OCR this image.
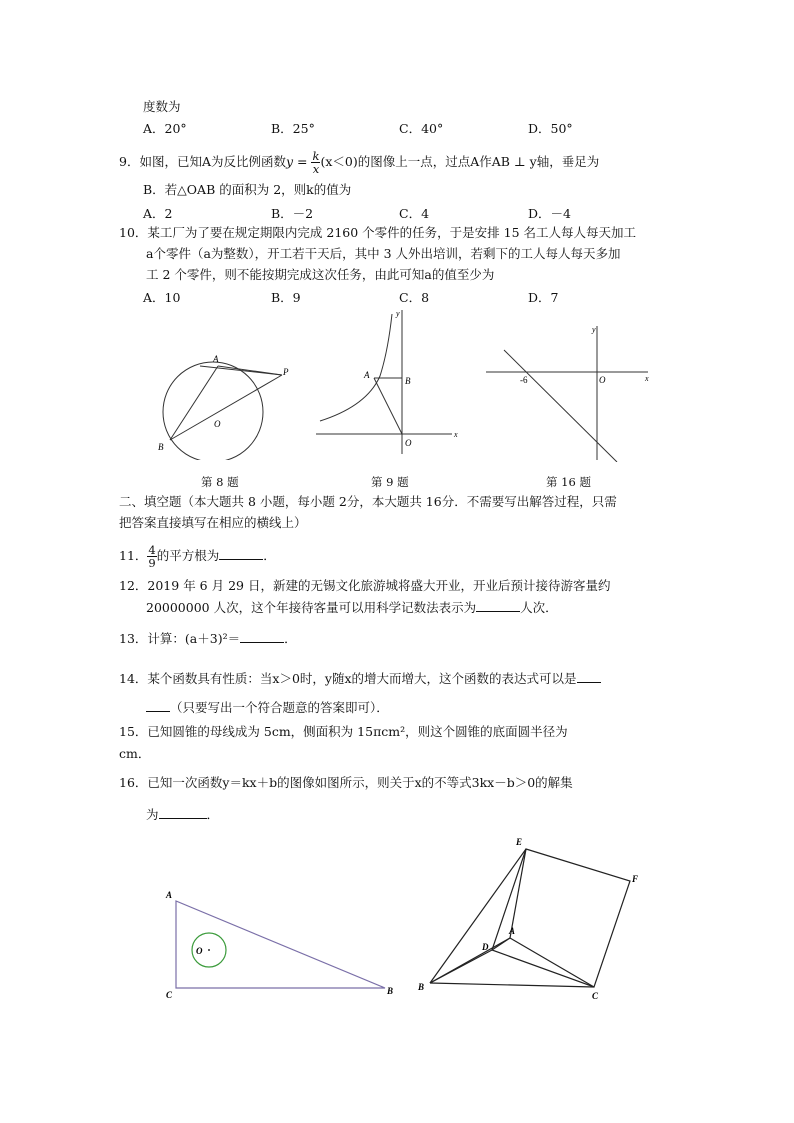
度数为
A．20°	B．25°	C．40°	D．50°
9．如图，已知A为反比例函数$y = \frac{k}{x} (x<0)$的图像上一点，过点A作AB ⊥ y轴，垂足为
B．若△OAB 的面积为 2，则k的值为
A．2	B．－2	C．4	D．－4
10．某工厂为了要在规定期限内完成 2160 个零件的任务，于是安排 15 名工人每人每天加工
a个零件（a为整数），开工若干天后，其中 3 人外出培训，若剩下的工人每人每天多加
工 2 个零件，则不能按期完成这次任务，由此可知a的值至少为
A．10	B．9	C．8	D．7
A
P
O
B
y
A
B
O
x
y
-6	O	x
第 8 题	第 9 题	第 16 题
二、填空题（本大题共 8 小题，每小题 2分，本大题共 16分．不需要写出解答过程，只需
把答案直接填写在相应的横线上）
11． $\frac{4}{9}$ 的平方根为	．
12．2019 年 6 月 29 日，新建的无锡文化旅游城将盛大开业，开业后预计接待游客量约
20000000 人次，这个年接待客量可以用科学记数法表示为	人次．
13．计算：(a＋3)²＝	．
14．某个函数具有性质：当x＞0时，y随x的增大而增大，这个函数的表达式可以是
（只要写出一个符合题意的答案即可）．
15．已知圆锥的母线成为 5cm，侧面积为 15πcm²，则这个圆锥的底面圆半径为
cm．
16．已知一次函数y＝kx＋b的图像如图所示，则关于x的不等式3kx－b＞0的解集
为	．
A
O
C	B
E
F
D
A
B
C
